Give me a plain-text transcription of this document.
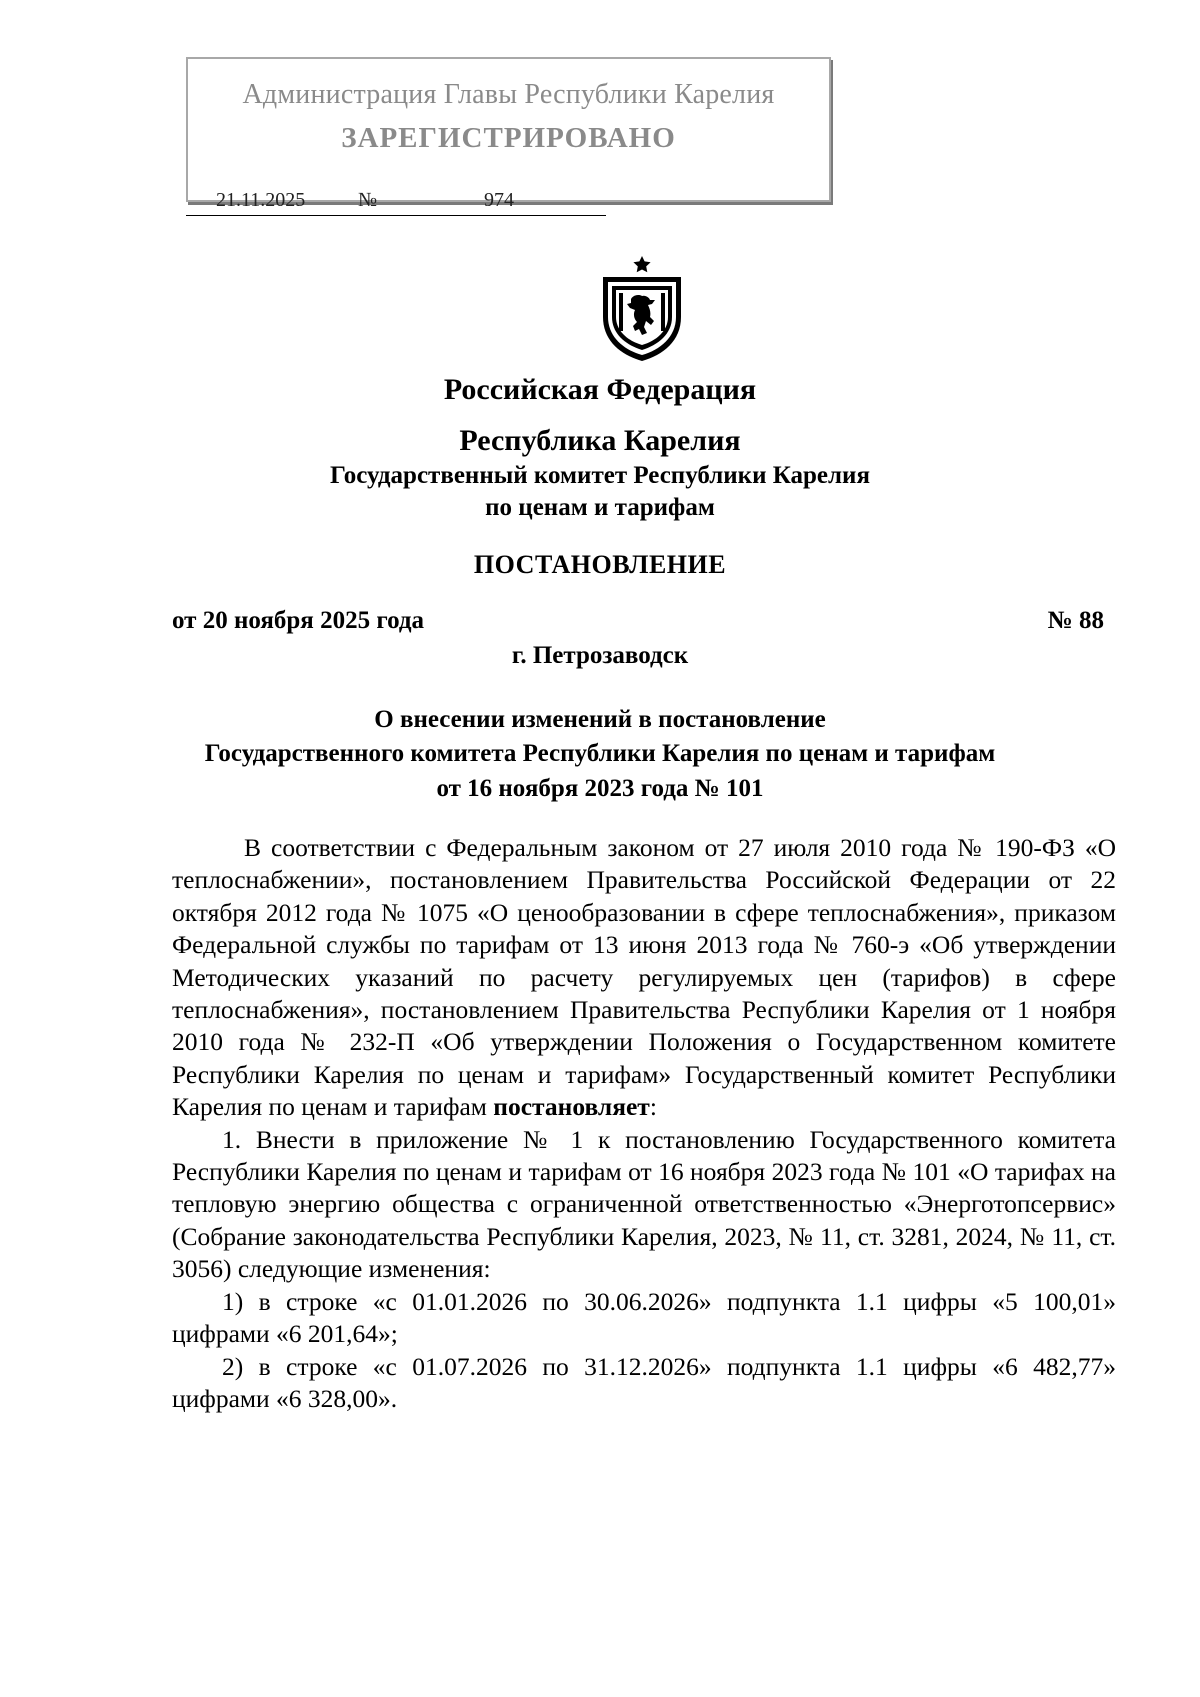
Администрация Главы Республики Карелия
ЗАРЕГИСТРИРОВАНО
21.11.2025	№	974
Российская Федерация
Республика Карелия
Государственный комитет Республики Карелия
по ценам и тарифам
ПОСТАНОВЛЕНИЕ
от 20 ноября 2025 года	№ 88
г. Петрозаводск
О внесении изменений в постановление
Государственного комитета Республики Карелия по ценам и тарифам
от 16 ноября 2023 года № 101

В соответствии с Федеральным законом от 27 июля 2010 года № 190-ФЗ «О теплоснабжении», постановлением Правительства Российской Федерации от 22 октября 2012 года № 1075 «О ценообразовании в сфере теплоснабжения», приказом Федеральной службы по тарифам от 13 июня 2013 года № 760-э «Об утверждении Методических указаний по расчету регулируемых цен (тарифов) в сфере теплоснабжения», постановлением Правительства Республики Карелия от 1 ноября 2010 года № 232-П «Об утверждении Положения о Государственном комитете Республики Карелия по ценам и тарифам» Государственный комитет Республики Карелия по ценам и тарифам постановляет:

1. Внести в приложение № 1 к постановлению Государственного комитета Республики Карелия по ценам и тарифам от 16 ноября 2023 года № 101 «О тарифах на тепловую энергию общества с ограниченной ответственностью «Энерготопсервис» (Собрание законодательства Республики Карелия, 2023, № 11, ст. 3281, 2024, № 11, ст. 3056) следующие изменения:

1) в строке «с 01.01.2026 по 30.06.2026» подпункта 1.1 цифры «5 100,01» цифрами «6 201,64»;

2) в строке «с 01.07.2026 по 31.12.2026» подпункта 1.1 цифры «6 482,77» цифрами «6 328,00».
